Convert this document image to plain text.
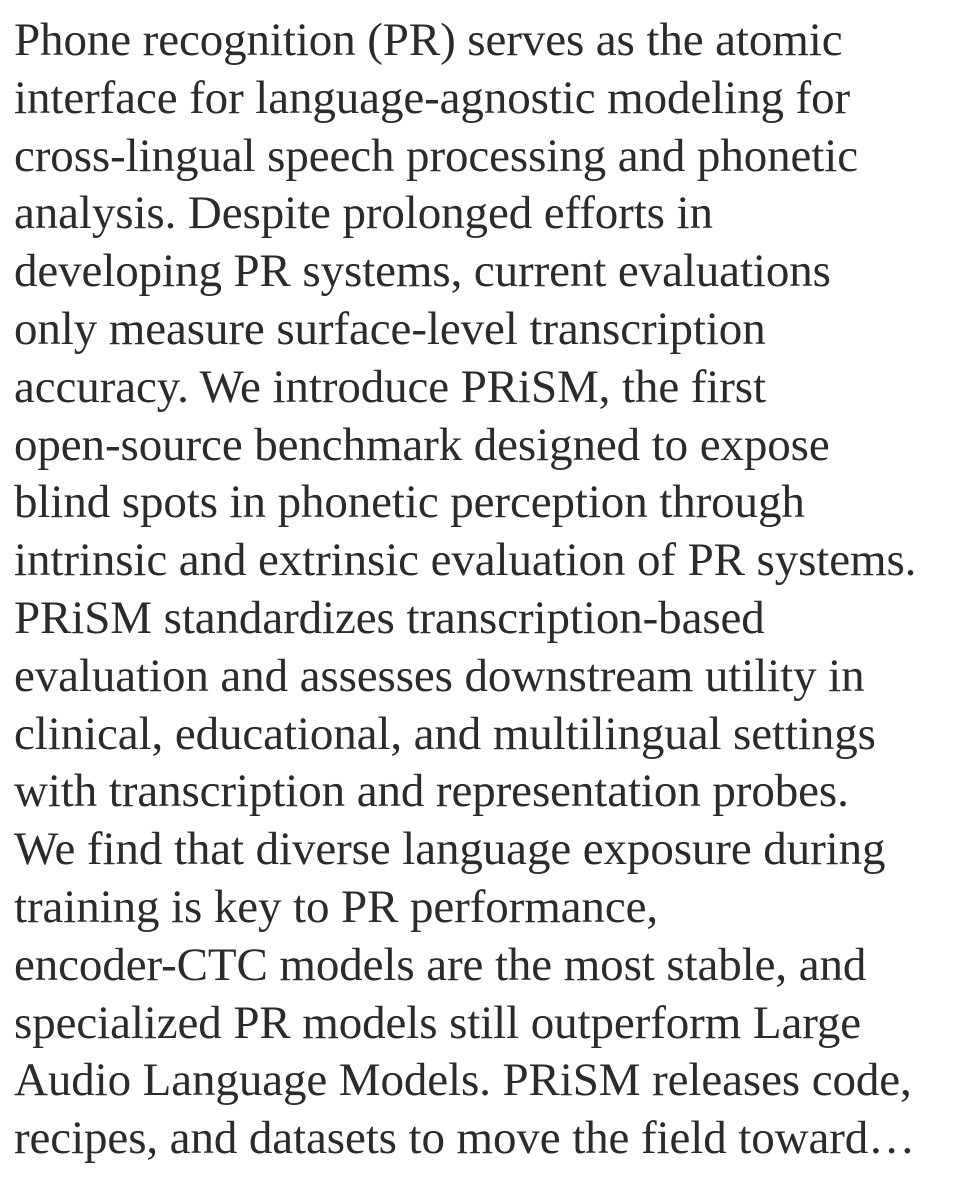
Phone recognition (PR) serves as the atomic
interface for language-agnostic modeling for
cross-lingual speech processing and phonetic
analysis. Despite prolonged efforts in
developing PR systems, current evaluations
only measure surface-level transcription
accuracy. We introduce PRiSM, the first
open-source benchmark designed to expose
blind spots in phonetic perception through
intrinsic and extrinsic evaluation of PR systems.
PRiSM standardizes transcription-based
evaluation and assesses downstream utility in
clinical, educational, and multilingual settings
with transcription and representation probes.
We find that diverse language exposure during
training is key to PR performance,
encoder-CTC models are the most stable, and
specialized PR models still outperform Large
Audio Language Models. PRiSM releases code,
recipes, and datasets to move the field toward…
